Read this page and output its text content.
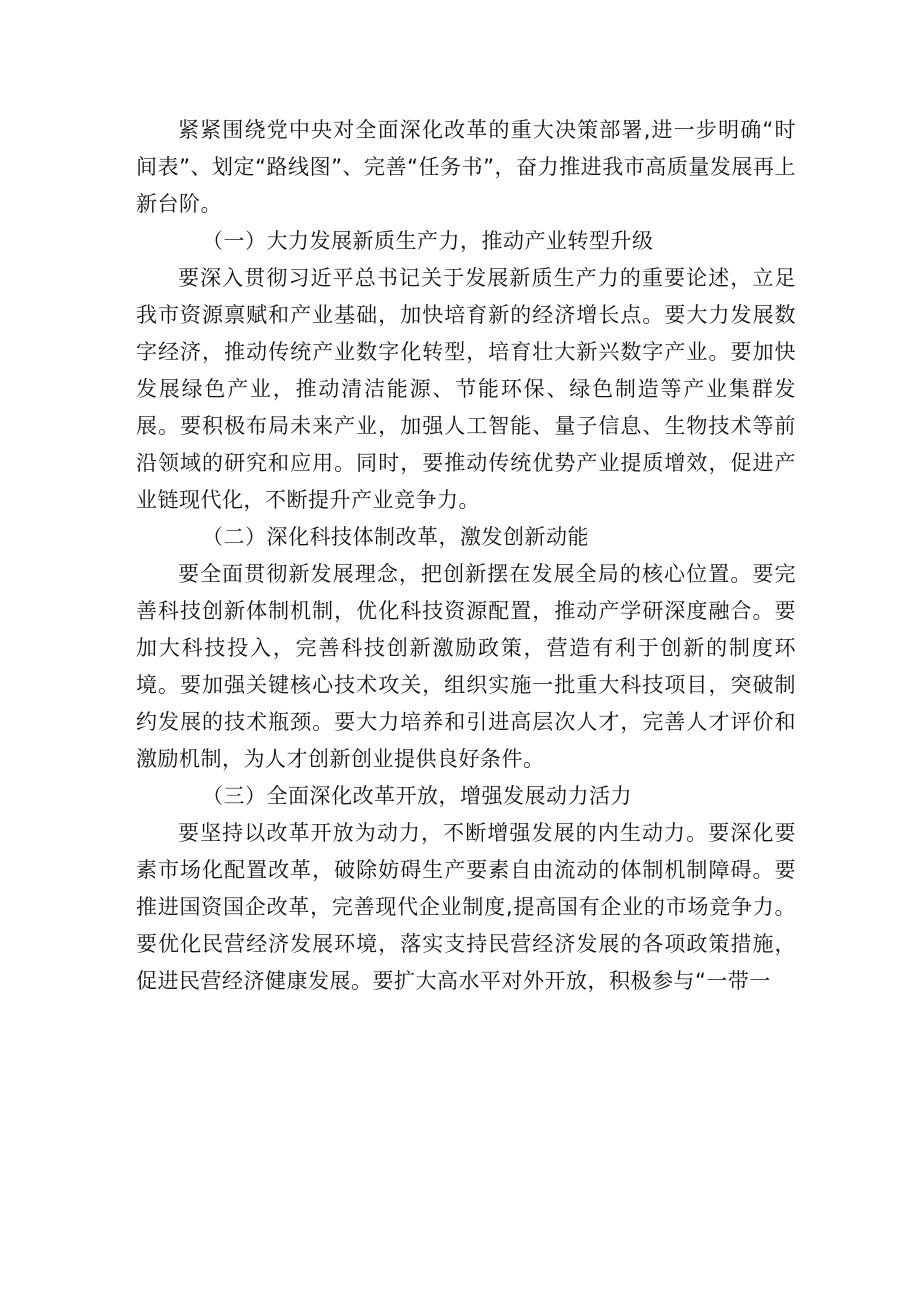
紧紧围绕党中央对全面深化改革的重大决策部署,进一步明确“时间表”、划定“路线图”、完善“任务书”，奋力推进我市高质量发展再上新台阶。

（一）大力发展新质生产力，推动产业转型升级

要深入贯彻习近平总书记关于发展新质生产力的重要论述，立足我市资源禀赋和产业基础，加快培育新的经济增长点。要大力发展数字经济，推动传统产业数字化转型，培育壮大新兴数字产业。要加快发展绿色产业，推动清洁能源、节能环保、绿色制造等产业集群发展。要积极布局未来产业，加强人工智能、量子信息、生物技术等前沿领域的研究和应用。同时，要推动传统优势产业提质增效，促进产业链现代化，不断提升产业竞争力。

（二）深化科技体制改革，激发创新动能

要全面贯彻新发展理念，把创新摆在发展全局的核心位置。要完善科技创新体制机制，优化科技资源配置，推动产学研深度融合。要加大科技投入，完善科技创新激励政策，营造有利于创新的制度环境。要加强关键核心技术攻关，组织实施一批重大科技项目，突破制约发展的技术瓶颈。要大力培养和引进高层次人才，完善人才评价和激励机制，为人才创新创业提供良好条件。

（三）全面深化改革开放，增强发展动力活力

要坚持以改革开放为动力，不断增强发展的内生动力。要深化要素市场化配置改革，破除妨碍生产要素自由流动的体制机制障碍。要推进国资国企改革，完善现代企业制度,提高国有企业的市场竞争力。要优化民营经济发展环境，落实支持民营经济发展的各项政策措施，促进民营经济健康发展。要扩大高水平对外开放，积极参与“一带一
